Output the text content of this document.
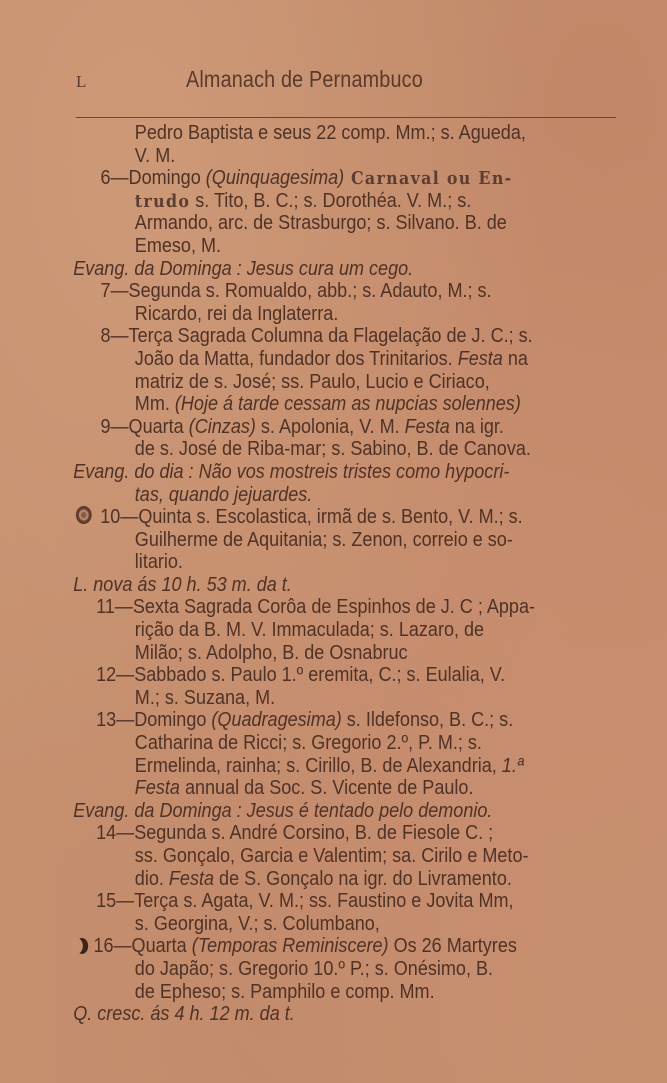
L	Almanach de Pernambuco
Pedro Baptista e seus 22 comp. Mm.; s. Agueda,
V. M.
6—Domingo (Quinquagesima) Carnaval ou En-
trudo s. Tito, B. C.; s. Dorothéa. V. M.; s.
Armando, arc. de Strasburgo; s. Silvano. B. de
Emeso, M.
Evang. da Dominga : Jesus cura um cego.
7—Segunda s. Romualdo, abb.; s. Adauto, M.; s.
Ricardo, rei da Inglaterra.
8—Terça Sagrada Columna da Flagelação de J. C.; s.
João da Matta, fundador dos Trinitarios. Festa na
matriz de s. José; ss. Paulo, Lucio e Ciriaco,
Mm. (Hoje á tarde cessam as nupcias solennes)
9—Quarta (Cinzas) s. Apolonia, V. M. Festa na igr.
de s. José de Riba-mar; s. Sabino, B. de Canova.
Evang. do dia : Não vos mostreis tristes como hypocri-
tas, quando jejuardes.
10—Quinta s. Escolastica, irmã de s. Bento, V. M.; s.
Guilherme de Aquitania; s. Zenon, correio e so-
litario.
L. nova ás 10 h. 53 m. da t.
11—Sexta Sagrada Corôa de Espinhos de J. C ; Appa-
rição da B. M. V. Immaculada; s. Lazaro, de
Milão; s. Adolpho, B. de Osnabruc
12—Sabbado s. Paulo 1.º eremita, C.; s. Eulalia, V.
M.; s. Suzana, M.
13—Domingo (Quadragesima) s. Ildefonso, B. C.; s.
Catharina de Ricci; s. Gregorio 2.º, P. M.; s.
Ermelinda, rainha; s. Cirillo, B. de Alexandria, 1.ª
Festa annual da Soc. S. Vicente de Paulo.
Evang. da Dominga : Jesus é tentado pelo demonio.
14—Segunda s. André Corsino, B. de Fiesole C. ;
ss. Gonçalo, Garcia e Valentim; sa. Cirilo e Meto-
dio. Festa de S. Gonçalo na igr. do Livramento.
15—Terça s. Agata, V. M.; ss. Faustino e Jovita Mm,
s. Georgina, V.; s. Columbano,
16—Quarta (Temporas Reminiscere) Os 26 Martyres
do Japão; s. Gregorio 10.º P.; s. Onésimo, B.
de Epheso; s. Pamphilo e comp. Mm.
Q. cresc. ás 4 h. 12 m. da t.
